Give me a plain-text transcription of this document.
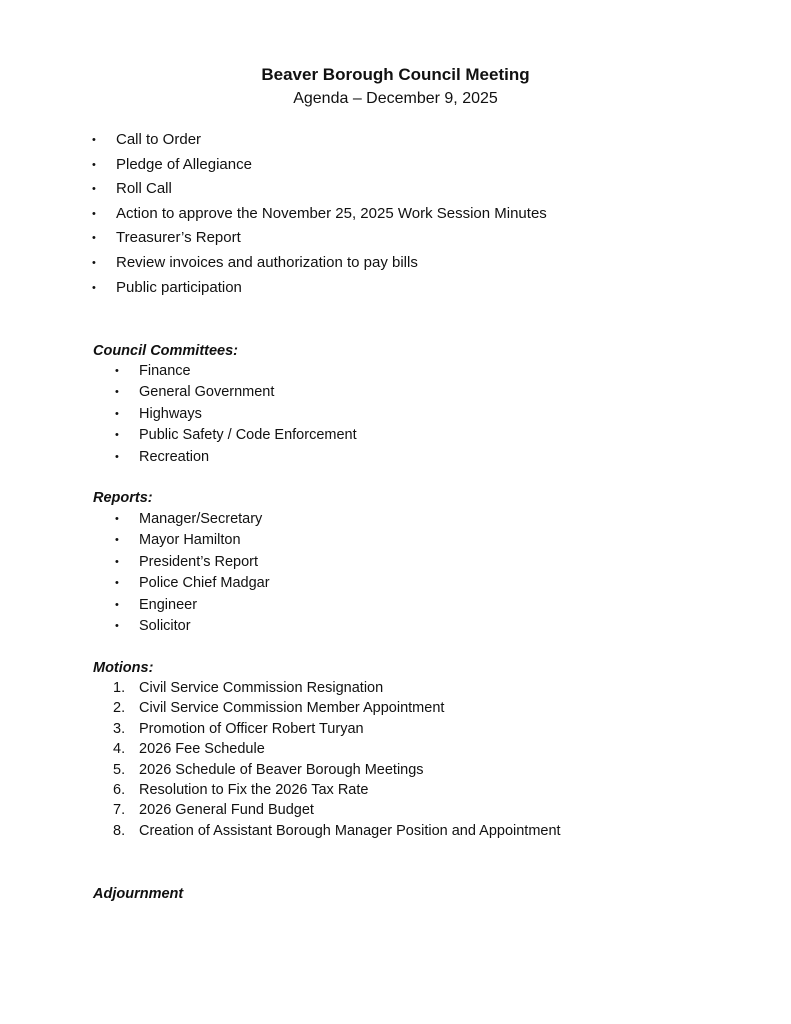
Beaver Borough Council Meeting
Agenda – December 9, 2025
• Call to Order
• Pledge of Allegiance
• Roll Call
• Action to approve the November 25, 2025 Work Session Minutes
• Treasurer’s Report
• Review invoices and authorization to pay bills
• Public participation
Council Committees:
• Finance
• General Government
• Highways
• Public Safety / Code Enforcement
• Recreation
Reports:
• Manager/Secretary
• Mayor Hamilton
• President’s Report
• Police Chief Madgar
• Engineer
• Solicitor
Motions:
1. Civil Service Commission Resignation
2. Civil Service Commission Member Appointment
3. Promotion of Officer Robert Turyan
4. 2026 Fee Schedule
5. 2026 Schedule of Beaver Borough Meetings
6. Resolution to Fix the 2026 Tax Rate
7. 2026 General Fund Budget
8. Creation of Assistant Borough Manager Position and Appointment
Adjournment
